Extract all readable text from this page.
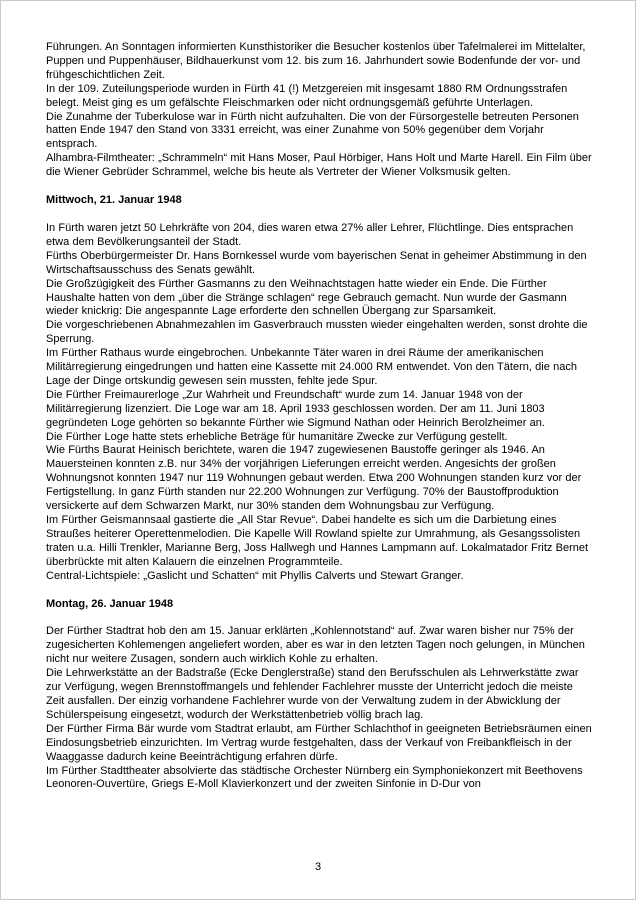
Führungen. An Sonntagen informierten Kunsthistoriker die Besucher kostenlos über Tafelmalerei im Mittelalter, Puppen und Puppenhäuser, Bildhauerkunst vom 12. bis zum 16. Jahrhundert sowie Bodenfunde der vor- und frühgeschichtlichen Zeit.

In der 109. Zuteilungsperiode wurden in Fürth 41 (!) Metzgereien mit insgesamt 1880 RM Ordnungsstrafen belegt. Meist ging es um gefälschte Fleischmarken oder nicht ordnungsgemäß geführte Unterlagen.

Die Zunahme der Tuberkulose war in Fürth nicht aufzuhalten. Die von der Fürsorgestelle betreuten Personen hatten Ende 1947 den Stand von 3331 erreicht, was einer Zunahme von 50% gegenüber dem Vorjahr entsprach.

Alhambra-Filmtheater: „Schrammeln“ mit Hans Moser, Paul Hörbiger, Hans Holt und Marte Harell. Ein Film über die Wiener Gebrüder Schrammel, welche bis heute als Vertreter der Wiener Volksmusik gelten.

Mittwoch, 21. Januar 1948

In Fürth waren jetzt 50 Lehrkräfte von 204, dies waren etwa 27% aller Lehrer, Flüchtlinge. Dies entsprachen etwa dem Bevölkerungsanteil der Stadt.

Fürths Oberbürgermeister Dr. Hans Bornkessel wurde vom bayerischen Senat in geheimer Abstimmung in den Wirtschaftsausschuss des Senats gewählt.

Die Großzügigkeit des Fürther Gasmanns zu den Weihnachtstagen hatte wieder ein Ende. Die Fürther Haushalte hatten von dem „über die Stränge schlagen“ rege Gebrauch gemacht. Nun wurde der Gasmann wieder knickrig: Die angespannte Lage erforderte den schnellen Übergang zur Sparsamkeit.

Die vorgeschriebenen Abnahmezahlen im Gasverbrauch mussten wieder eingehalten werden, sonst drohte die Sperrung.

Im Fürther Rathaus wurde eingebrochen. Unbekannte Täter waren in drei Räume der amerikanischen Militärregierung eingedrungen und hatten eine Kassette mit 24.000 RM entwendet. Von den Tätern, die nach Lage der Dinge ortskundig gewesen sein mussten, fehlte jede Spur.

Die Fürther Freimaurerloge „Zur Wahrheit und Freundschaft“ wurde zum 14. Januar 1948 von der Militärregierung lizenziert. Die Loge war am 18. April 1933 geschlossen worden. Der am 11. Juni 1803 gegründeten Loge gehörten so bekannte Fürther wie Sigmund Nathan oder Heinrich Berolzheimer an.

Die Fürther Loge hatte stets erhebliche Beträge für humanitäre Zwecke zur Verfügung gestellt.

Wie Fürths Baurat Heinisch berichtete, waren die 1947 zugewiesenen Baustoffe geringer als 1946. An Mauersteinen konnten z.B. nur 34% der vorjährigen Lieferungen erreicht werden. Angesichts der großen Wohnungsnot konnten 1947 nur 119 Wohnungen gebaut werden. Etwa 200 Wohnungen standen kurz vor der Fertigstellung. In ganz Fürth standen nur 22.200 Wohnungen zur Verfügung. 70% der Baustoffproduktion versickerte auf dem Schwarzen Markt, nur 30% standen dem Wohnungsbau zur Verfügung.

Im Fürther Geismannsaal gastierte die „All Star Revue“. Dabei handelte es sich um die Darbietung eines Straußes heiterer Operettenmelodien. Die Kapelle Will Rowland spielte zur Umrahmung, als Gesangssolisten traten u.a. Hilli Trenkler, Marianne Berg, Joss Hallwegh und Hannes Lampmann auf. Lokalmatador Fritz Bernet überbrückte mit alten Kalauern die einzelnen Programmteile.

Central-Lichtspiele: „Gaslicht und Schatten“ mit Phyllis Calverts und Stewart Granger.

Montag, 26. Januar 1948

Der Fürther Stadtrat hob den am 15. Januar erklärten „Kohlennotstand“ auf. Zwar waren bisher nur 75% der zugesicherten Kohlemengen angeliefert worden, aber es war in den letzten Tagen noch gelungen, in München nicht nur weitere Zusagen, sondern auch wirklich Kohle zu erhalten.

Die Lehrwerkstätte an der Badstraße (Ecke Denglerstraße) stand den Berufsschulen als Lehrwerkstätte zwar zur Verfügung, wegen Brennstoffmangels und fehlender Fachlehrer musste der Unterricht jedoch die meiste Zeit ausfallen. Der einzig vorhandene Fachlehrer wurde von der Verwaltung zudem in der Abwicklung der Schülerspeisung eingesetzt, wodurch der Werkstättenbetrieb völlig brach lag.

Der Fürther Firma Bär wurde vom Stadtrat erlaubt, am Fürther Schlachthof in geeigneten Betriebsräumen einen Eindosungsbetrieb einzurichten. Im Vertrag wurde festgehalten, dass der Verkauf von Freibankfleisch in der Waaggasse dadurch keine Beeinträchtigung erfahren dürfe.

Im Fürther Stadttheater absolvierte das städtische Orchester Nürnberg ein Symphoniekonzert mit Beethovens Leonoren-Ouvertüre, Griegs E-Moll Klavierkonzert und der zweiten Sinfonie in D-Dur von

3
